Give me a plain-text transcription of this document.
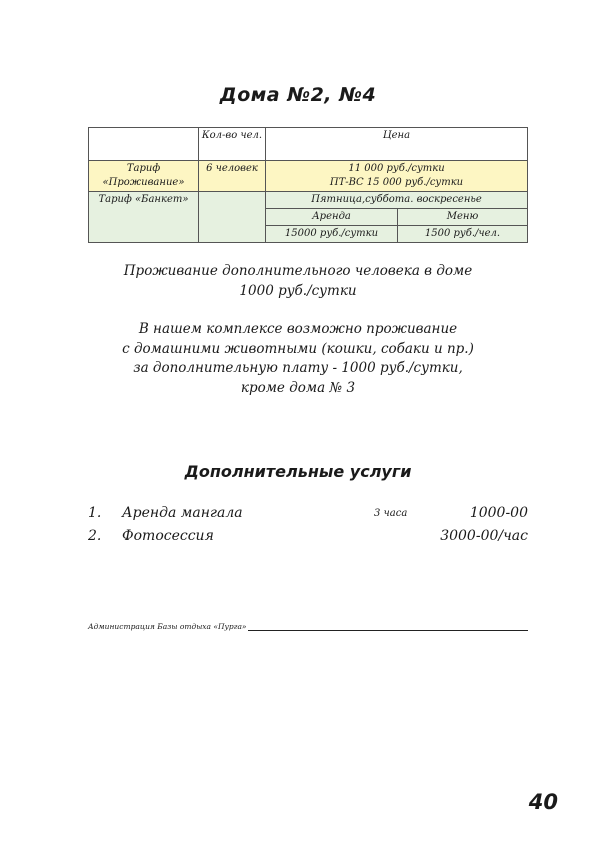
Дома №2, №4
	Кол-во чел.	Цена	
Тариф «Проживание»	6 человек	11 000 руб./сутки
ПТ-ВС 15 000 руб./сутки	

Тариф «Банкет»		Пятница,суббота. воскресенье	
		Аренда	Меню
		15000 руб./сутки	1500 руб./чел.
Проживание дополнительного человека в доме
1000 руб./сутки
В нашем комплексе возможно проживание
с домашними животными (кошки, собаки и пр.)
за дополнительную плату - 1000 руб./сутки,
кроме дома № 3
Дополнительные услуги
1. Аренда мангала	3 часа	1000-00
2. Фотосессия	3000-00/час
Администрация Базы отдыха «Пурга»
40
